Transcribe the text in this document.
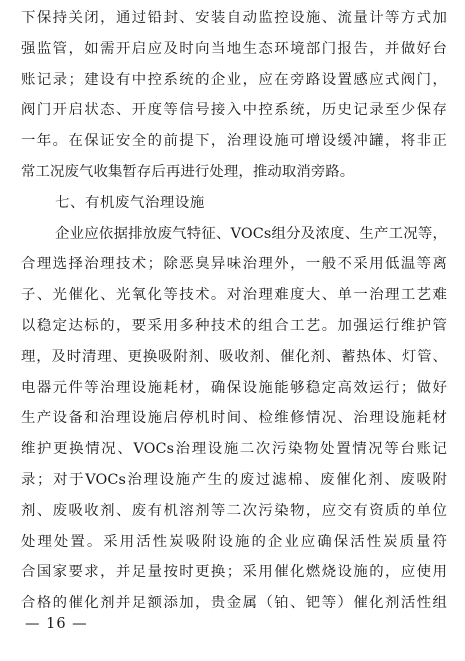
下保持关闭，通过铅封、安装自动监控设施、流量计等方式加
强监管，如需开启应及时向当地生态环境部门报告，并做好台
账记录；建设有中控系统的企业，应在旁路设置感应式阀门，
阀门开启状态、开度等信号接入中控系统，历史记录至少保存
一年。在保证安全的前提下，治理设施可增设缓冲罐，将非正
常工况废气收集暂存后再进行处理，推动取消旁路。
七、有机废气治理设施
企业应依据排放废气特征、VOCs组分及浓度、生产工况等，
合理选择治理技术；除恶臭异味治理外，一般不采用低温等离
子、光催化、光氧化等技术。对治理难度大、单一治理工艺难
以稳定达标的，要采用多种技术的组合工艺。加强运行维护管
理，及时清理、更换吸附剂、吸收剂、催化剂、蓄热体、灯管、
电器元件等治理设施耗材，确保设施能够稳定高效运行；做好
生产设备和治理设施启停机时间、检维修情况、治理设施耗材
维护更换情况、VOCs治理设施二次污染物处置情况等台账记
录；对于VOCs治理设施产生的废过滤棉、废催化剂、废吸附
剂、废吸收剂、废有机溶剂等二次污染物，应交有资质的单位
处理处置。采用活性炭吸附设施的企业应确保活性炭质量符
合国家要求，并足量按时更换；采用催化燃烧设施的，应使用
合格的催化剂并足额添加，贵金属（铂、钯等）催化剂活性组
— 16 —
